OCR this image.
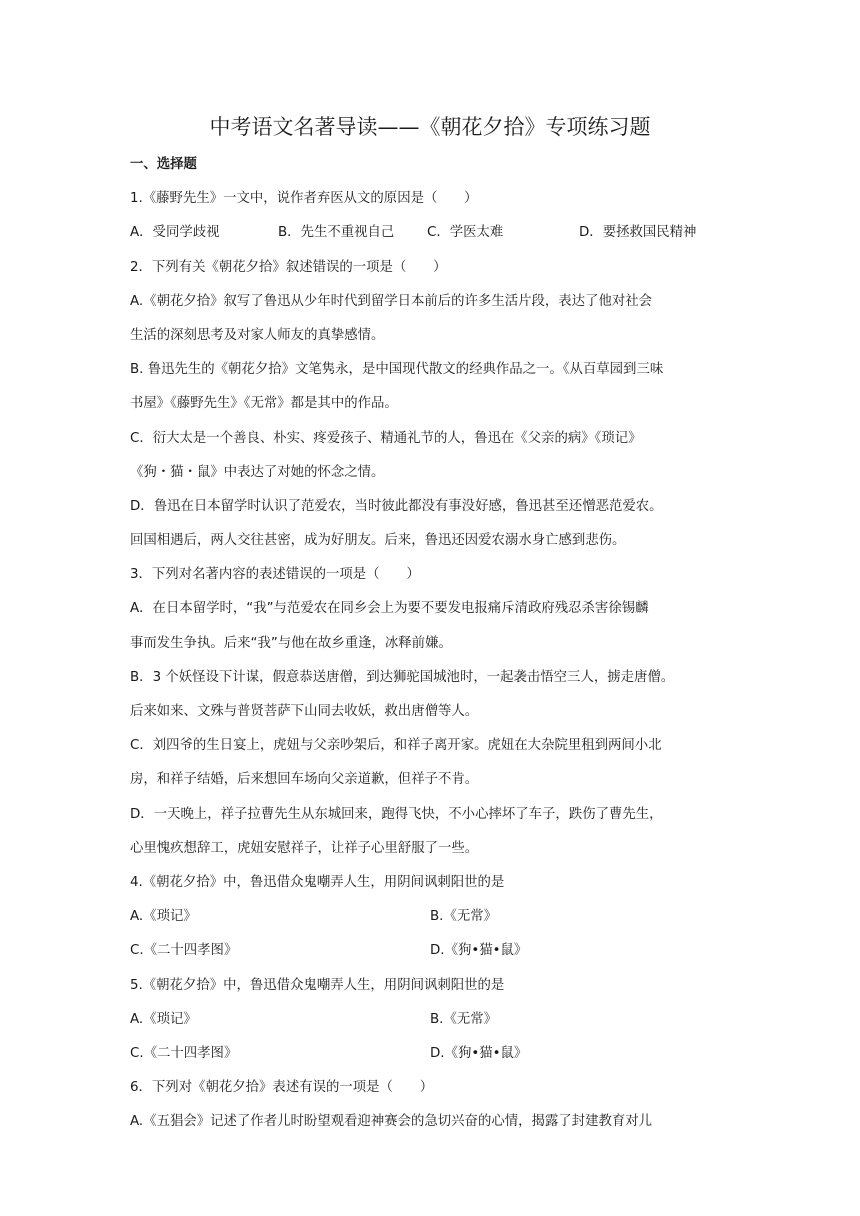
中考语文名著导读——《朝花夕拾》专项练习题
一、选择题
1.《藤野先生》一文中，说作者弃医从文的原因是（　　）
A．受同学歧视	B．先生不重视自己 C．学医太难	D．要拯救国民精神
2．下列有关《朝花夕拾》叙述错误的一项是（　　）
A.《朝花夕拾》叙写了鲁迅从少年时代到留学日本前后的许多生活片段，表达了他对社会
生活的深刻思考及对家人师友的真挚感情。
B. 鲁迅先生的《朝花夕拾》文笔隽永，是中国现代散文的经典作品之一。《从百草园到三味
书屋》《藤野先生》《无常》都是其中的作品。
C．衍大太是一个善良、朴实、疼爱孩子、精通礼节的人，鲁迅在《父亲的病》《琐记》
《狗・猫・鼠》中表达了对她的怀念之情。
D．鲁迅在日本留学时认识了范爱农，当时彼此都没有事没好感，鲁迅甚至还憎恶范爱农。
回国相遇后，两人交往甚密，成为好朋友。后来，鲁迅还因爱农溺水身亡感到悲伤。
3．下列对名著内容的表述错误的一项是（　　）
A．在日本留学时，“我”与范爱农在同乡会上为要不要发电报痛斥清政府残忍杀害徐锡麟
事而发生争执。后来“我”与他在故乡重逢，冰释前嫌。
B．3 个妖怪设下计谋，假意恭送唐僧，到达狮驼国城池时，一起袭击悟空三人，掳走唐僧。
后来如来、文殊与普贤菩萨下山同去收妖，救出唐僧等人。
C．刘四爷的生日宴上，虎妞与父亲吵架后，和祥子离开家。虎妞在大杂院里租到两间小北
房，和祥子结婚，后来想回车场向父亲道歉，但祥子不肯。
D．一天晚上，祥子拉曹先生从东城回来，跑得飞快，不小心摔坏了车子，跌伤了曹先生，
心里愧疚想辞工，虎妞安慰祥子，让祥子心里舒服了一些。
4.《朝花夕拾》中，鲁迅借众鬼嘲弄人生，用阴间讽刺阳世的是
A.《琐记》	B.《无常》
C.《二十四孝图》	D.《狗•猫•鼠》
5.《朝花夕拾》中，鲁迅借众鬼嘲弄人生，用阴间讽刺阳世的是
A.《琐记》	B.《无常》
C.《二十四孝图》	D.《狗•猫•鼠》
6．下列对《朝花夕拾》表述有误的一项是（　　）
A.《五猖会》记述了作者儿时盼望观看迎神赛会的急切兴奋的心情，揭露了封建教育对儿
